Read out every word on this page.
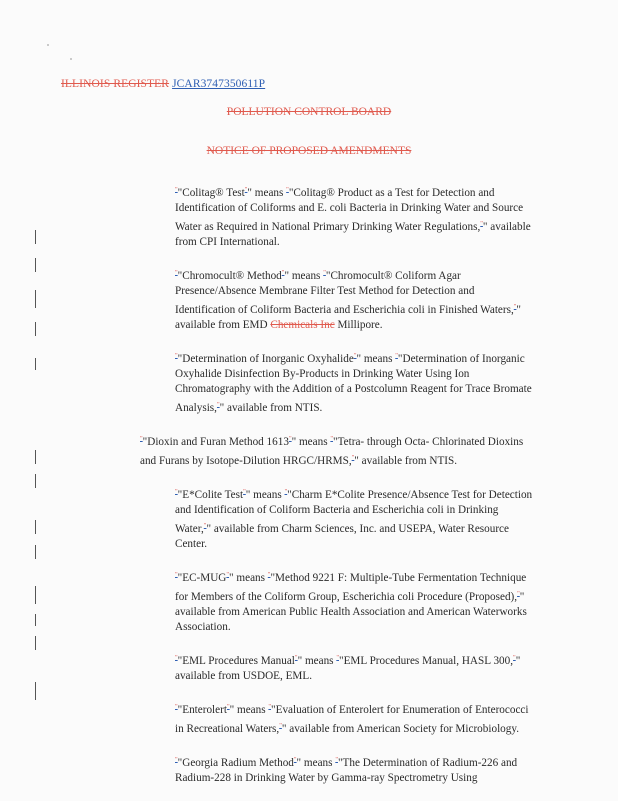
ILLINOIS REGISTER JCAR3747350611P
POLLUTION CONTROL BOARD
NOTICE OF PROPOSED AMENDMENTS

""Colitag® Test"" means ""Colitag® Product as a Test for Detection and Identification of Coliforms and E. coli Bacteria in Drinking Water and Source Water as Required in National Primary Drinking Water Regulations,"" available from CPI International.

""Chromocult® Method"" means ""Chromocult® Coliform Agar Presence/Absence Membrane Filter Test Method for Detection and Identification of Coliform Bacteria and Escherichia coli in Finished Waters,"" available from EMD Chemicals Inc Millipore.

""Determination of Inorganic Oxyhalide"" means ""Determination of Inorganic Oxyhalide Disinfection By-Products in Drinking Water Using Ion Chromatography with the Addition of a Postcolumn Reagent for Trace Bromate Analysis,"" available from NTIS.

""Dioxin and Furan Method 1613"" means ""Tetra- through Octa- Chlorinated Dioxins and Furans by Isotope-Dilution HRGC/HRMS,"" available from NTIS.

""E*Colite Test"" means ""Charm E*Colite Presence/Absence Test for Detection and Identification of Coliform Bacteria and Escherichia coli in Drinking Water,"" available from Charm Sciences, Inc. and USEPA, Water Resource Center.

""EC-MUG"" means ""Method 9221 F: Multiple-Tube Fermentation Technique for Members of the Coliform Group, Escherichia coli Procedure (Proposed),"" available from American Public Health Association and American Waterworks Association.

""EML Procedures Manual"" means ""EML Procedures Manual, HASL 300,"" available from USDOE, EML.

""Enterolert"" means ""Evaluation of Enterolert for Enumeration of Enterococci in Recreational Waters,"" available from American Society for Microbiology.

""Georgia Radium Method"" means ""The Determination of Radium-226 and Radium-228 in Drinking Water by Gamma-ray Spectrometry Using
